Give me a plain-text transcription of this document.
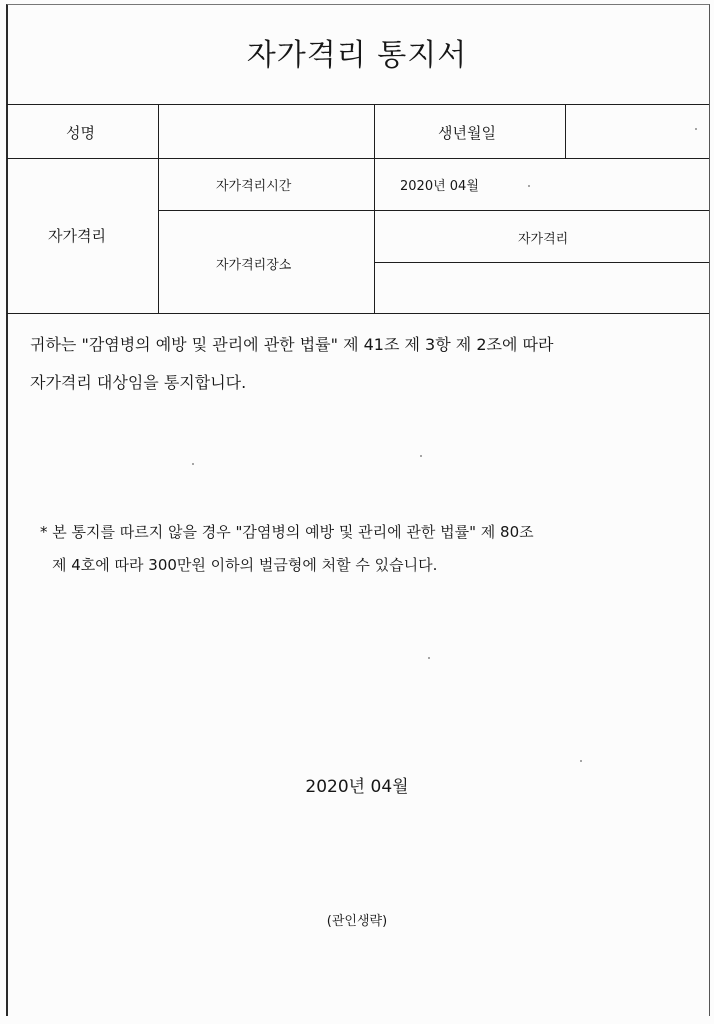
자가격리 통지서
성명	생년월일
자가격리
자가격리시간	2020년 04월
자가격리장소
자가격리
귀하는 "감염병의 예방 및 관리에 관한 법률" 제 41조 제 3항 제 2조에 따라
자가격리 대상임을 통지합니다.
* 본 통지를 따르지 않을 경우 "감염병의 예방 및 관리에 관한 법률" 제 80조
제 4호에 따라 300만원 이하의 벌금형에 처할 수 있습니다.
2020년 04월
(관인생략)
